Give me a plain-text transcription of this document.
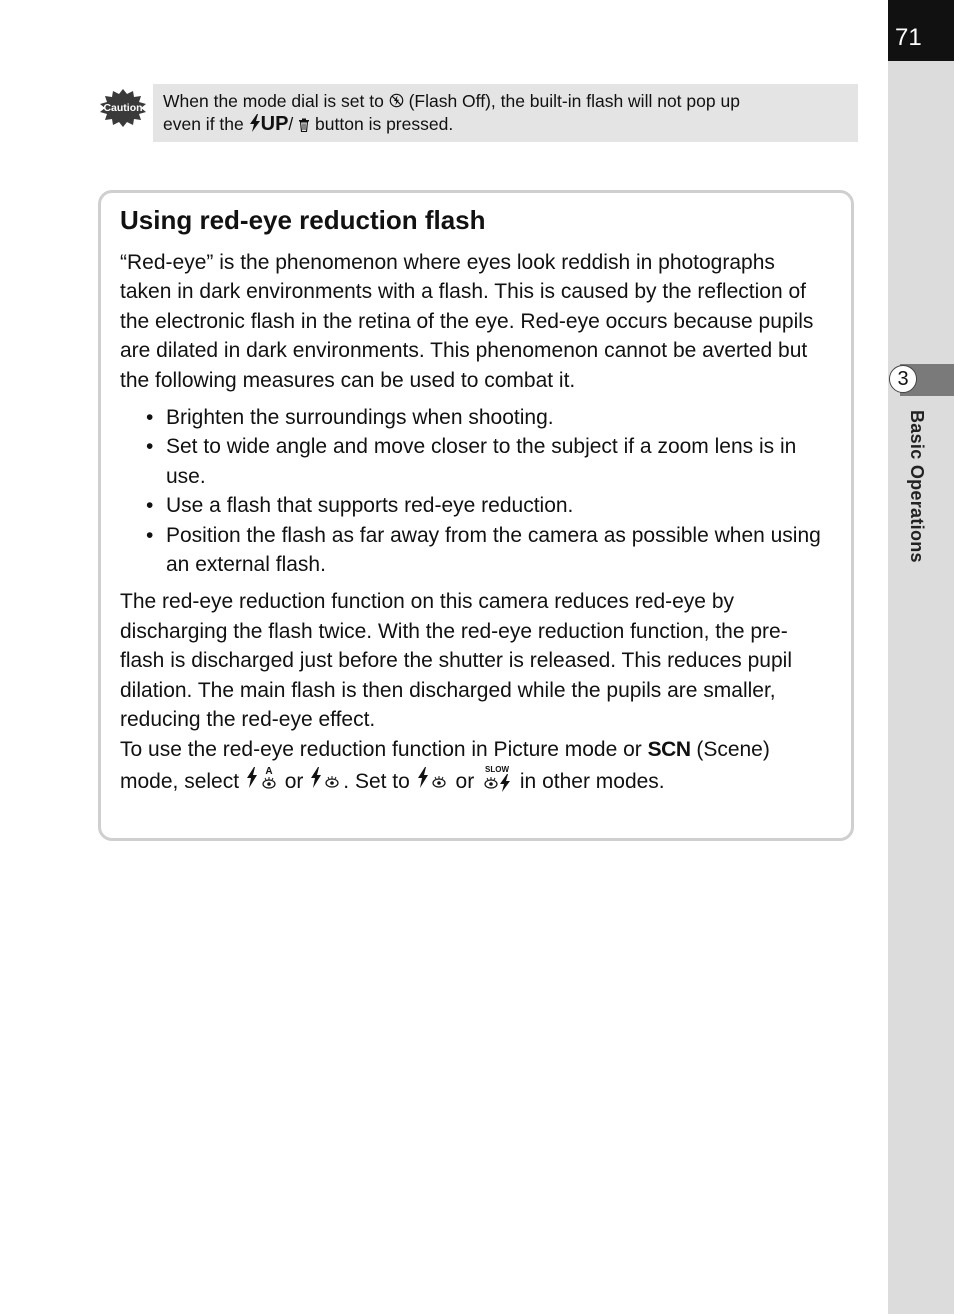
71
3
Basic Operations
Caution	When the mode dial is set to (Flash Off), the built-in flash will not pop up
even if the UP/ button is pressed.
Using red-eye reduction flash

“Red-eye” is the phenomenon where eyes look reddish in photographs taken in dark environments with a flash. This is caused by the reflection of the electronic flash in the retina of the eye. Red-eye occurs because pupils are dilated in dark environments. This phenomenon cannot be averted but the following measures can be used to combat it.

• Brighten the surroundings when shooting.
• Set to wide angle and move closer to the subject if a zoom lens is in use.
• Use a flash that supports red-eye reduction.
• Position the flash as far away from the camera as possible when using an external flash.

The red-eye reduction function on this camera reduces red-eye by discharging the flash twice. With the red-eye reduction function, the pre-flash is discharged just before the shutter is released. This reduces pupil dilation. The main flash is then discharged while the pupils are smaller, reducing the red-eye effect.

To use the red-eye reduction function in Picture mode or SCN (Scene) mode, select	A or . Set to or
SLOW
in other modes.
